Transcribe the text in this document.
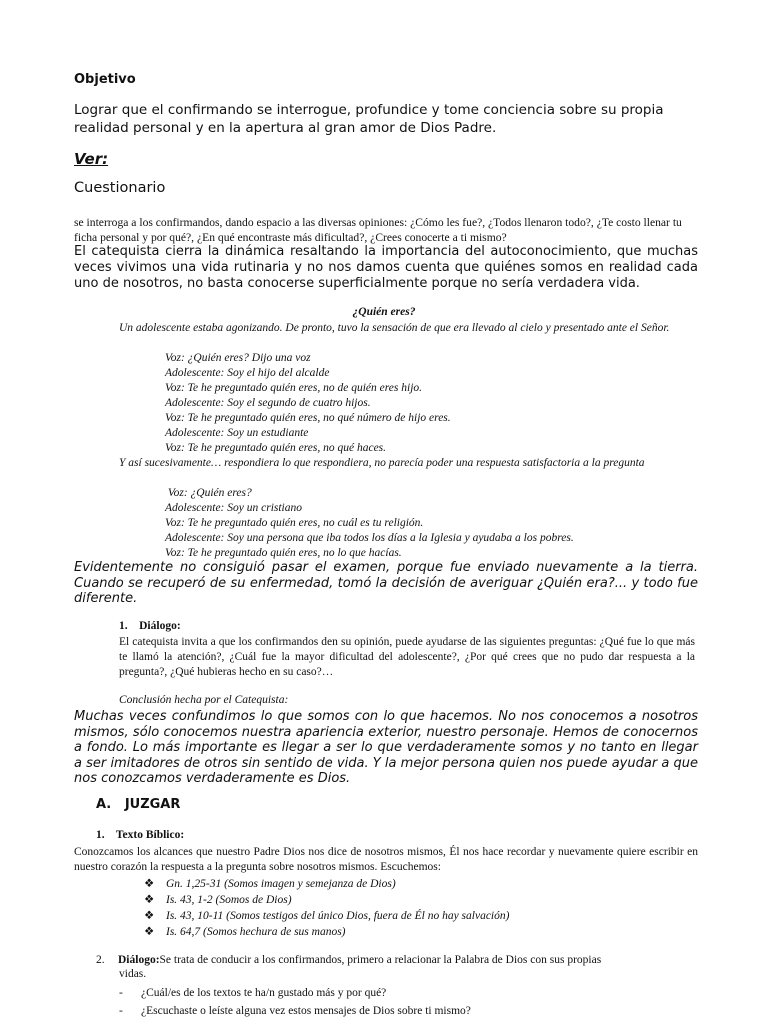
Objetivo

Lograr que el confirmando se interrogue, profundice y tome conciencia sobre su propia realidad personal y en la apertura al gran amor de Dios Padre.

Ver:
Cuestionario

se interroga a los confirmandos, dando espacio a las diversas opiniones: ¿Cómo les fue?, ¿Todos llenaron todo?, ¿Te costo llenar tu ficha personal y por qué?, ¿En qué encontraste más dificultad?, ¿Crees conocerte a ti mismo?

El catequista cierra la dinámica resaltando la importancia del autoconocimiento, que muchas veces vivimos una vida rutinaria y no nos damos cuenta que quiénes somos en realidad cada uno de nosotros, no basta conocerse superficialmente porque no sería verdadera vida.

¿Quién eres?

Un adolescente estaba agonizando. De pronto, tuvo la sensación de que era llevado al cielo y presentado ante el Señor.

Voz: ¿Quién eres? Dijo una voz
Adolescente: Soy el hijo del alcalde
Voz: Te he preguntado quién eres, no de quién eres hijo.
Adolescente: Soy el segundo de cuatro hijos.
Voz: Te he preguntado quién eres, no qué número de hijo eres.
Adolescente: Soy un estudiante
Voz: Te he preguntado quién eres, no qué haces.

Y así sucesivamente… respondiera lo que respondiera, no parecía poder una respuesta satisfactoria a la pregunta

Voz: ¿Quién eres?
Adolescente: Soy un cristiano
Voz: Te he preguntado quién eres, no cuál es tu religión.
Adolescente: Soy una persona que iba todos los días a la Iglesia y ayudaba a los pobres.
Voz: Te he preguntado quién eres, no lo que hacías.

Evidentemente no consiguió pasar el examen, porque fue enviado nuevamente a la tierra. Cuando se recuperó de su enfermedad, tomó la decisión de averiguar ¿Quién era?... y todo fue diferente.

1.    Diálogo:

El catequista invita a que los confirmandos den su opinión, puede ayudarse de las siguientes preguntas: ¿Qué fue lo que más te llamó la atención?, ¿Cuál fue la mayor dificultad del adolescente?, ¿Por qué crees que no pudo dar respuesta a la pregunta?, ¿Qué hubieras hecho en su caso?…

Conclusión hecha por el Catequista:

Muchas veces confundimos lo que somos con lo que hacemos. No nos conocemos a nosotros mismos, sólo conocemos nuestra apariencia exterior, nuestro personaje. Hemos de conocernos a fondo. Lo más importante es llegar a ser lo que verdaderamente somos y no tanto en llegar a ser imitadores de otros sin sentido de vida. Y la mejor persona quien nos puede ayudar a que nos conozcamos verdaderamente es Dios.

A.   JUZGAR
1.    Texto Bíblico:

Conozcamos los alcances que nuestro Padre Dios nos dice de nosotros mismos, Él nos hace recordar y nuevamente quiere escribir en nuestro corazón la respuesta a la pregunta sobre nosotros mismos. Escuchemos:

❖ Gn. 1,25-31 (Somos imagen y semejanza de Dios)
❖ Is. 43, 1-2 (Somos de Dios)
❖ Is. 43, 10-11 (Somos testigos del único Dios, fuera de Él no hay salvación)
❖ Is. 64,7 (Somos hechura de sus manos)
2. Diálogo:Se trata de conducir a los confirmandos, primero a relacionar la Palabra de Dios con sus propias
vidas.
- ¿Cuál/es de los textos te ha/n gustado más y por qué?
- ¿Escuchaste o leíste alguna vez estos mensajes de Dios sobre ti mismo?
